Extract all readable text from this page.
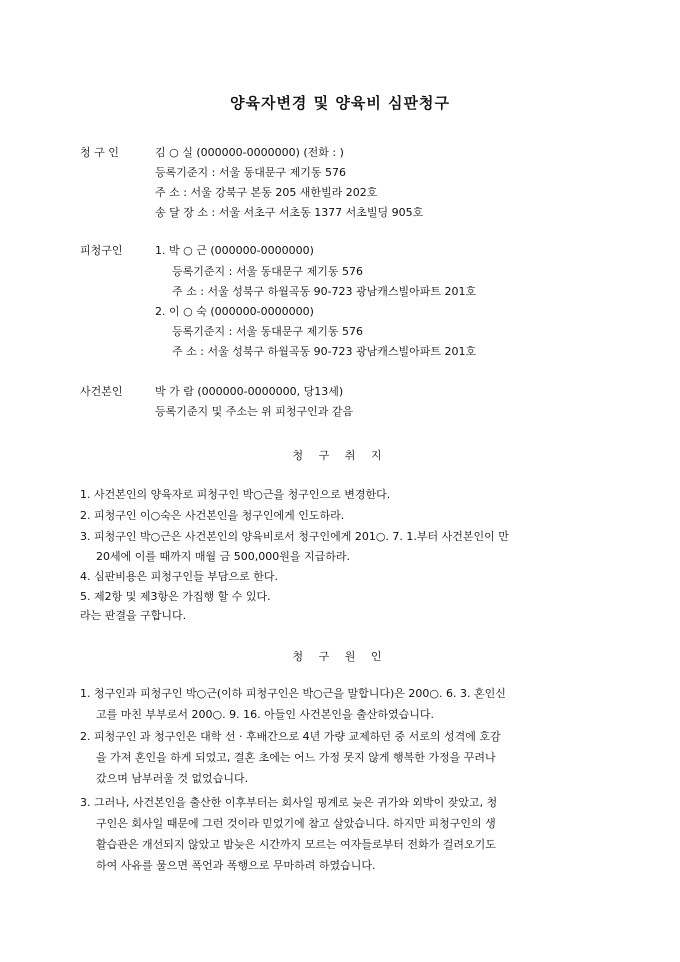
양육자변경 및 양육비 심판청구
청 구 인	김 ○ 실 (000000-0000000) (전화 : )
등록기준지 : 서울 동대문구 제기동 576
주 소 : 서울 강북구 본동 205 새한빌라 202호
송 달 장 소 : 서울 서초구 서초동 1377 서초빌딩 905호
피청구인	1. 박 ○ 근 (000000-0000000)
등록기준지 : 서울 동대문구 제기동 576
주 소 : 서울 성북구 하월곡동 90-723 광남캐스빌아파트 201호
2. 이 ○ 숙 (000000-0000000)
등록기준지 : 서울 동대문구 제기동 576
주 소 : 서울 성북구 하월곡동 90-723 광남캐스빌아파트 201호
사건본인	박 가 람 (000000-0000000, 당13세)
등록기준지 및 주소는 위 피청구인과 같음
청 구 취 지
1. 사건본인의 양육자로 피청구인 박○근을 청구인으로 변경한다.
2. 피청구인 이○숙은 사건본인을 청구인에게 인도하라.
3. 피청구인 박○근은 사건본인의 양육비로서 청구인에게 201○. 7. 1.부터 사건본인이 만
20세에 이를 때까지 매월 금 500,000원을 지급하라.
4. 심판비용은 피청구인들 부담으로 한다.
5. 제2항 및 제3항은 가집행 할 수 있다.
라는 판결을 구합니다.
청 구 원 인
1. 청구인과 피청구인 박○근(이하 피청구인은 박○근을 말합니다)은 200○. 6. 3. 혼인신
고를 마친 부부로서 200○. 9. 16. 아들인 사건본인을 출산하였습니다.
2. 피청구인 과 청구인은 대학 선 · 후배간으로 4년 가량 교제하던 중 서로의 성격에 호감
을 가져 혼인을 하게 되었고, 결혼 초에는 어느 가정 못지 않게 행복한 가정을 꾸려나
갔으며 남부러울 것 없었습니다.
3. 그러나, 사건본인을 출산한 이후부터는 회사일 핑계로 늦은 귀가와 외박이 잦았고, 청
구인은 회사일 때문에 그런 것이라 믿었기에 참고 살았습니다. 하지만 피청구인의 생
활습관은 개선되지 않았고 밤늦은 시간까지 모르는 여자들로부터 전화가 걸려오기도
하여 사유를 물으면 폭언과 폭행으로 무마하려 하였습니다.
